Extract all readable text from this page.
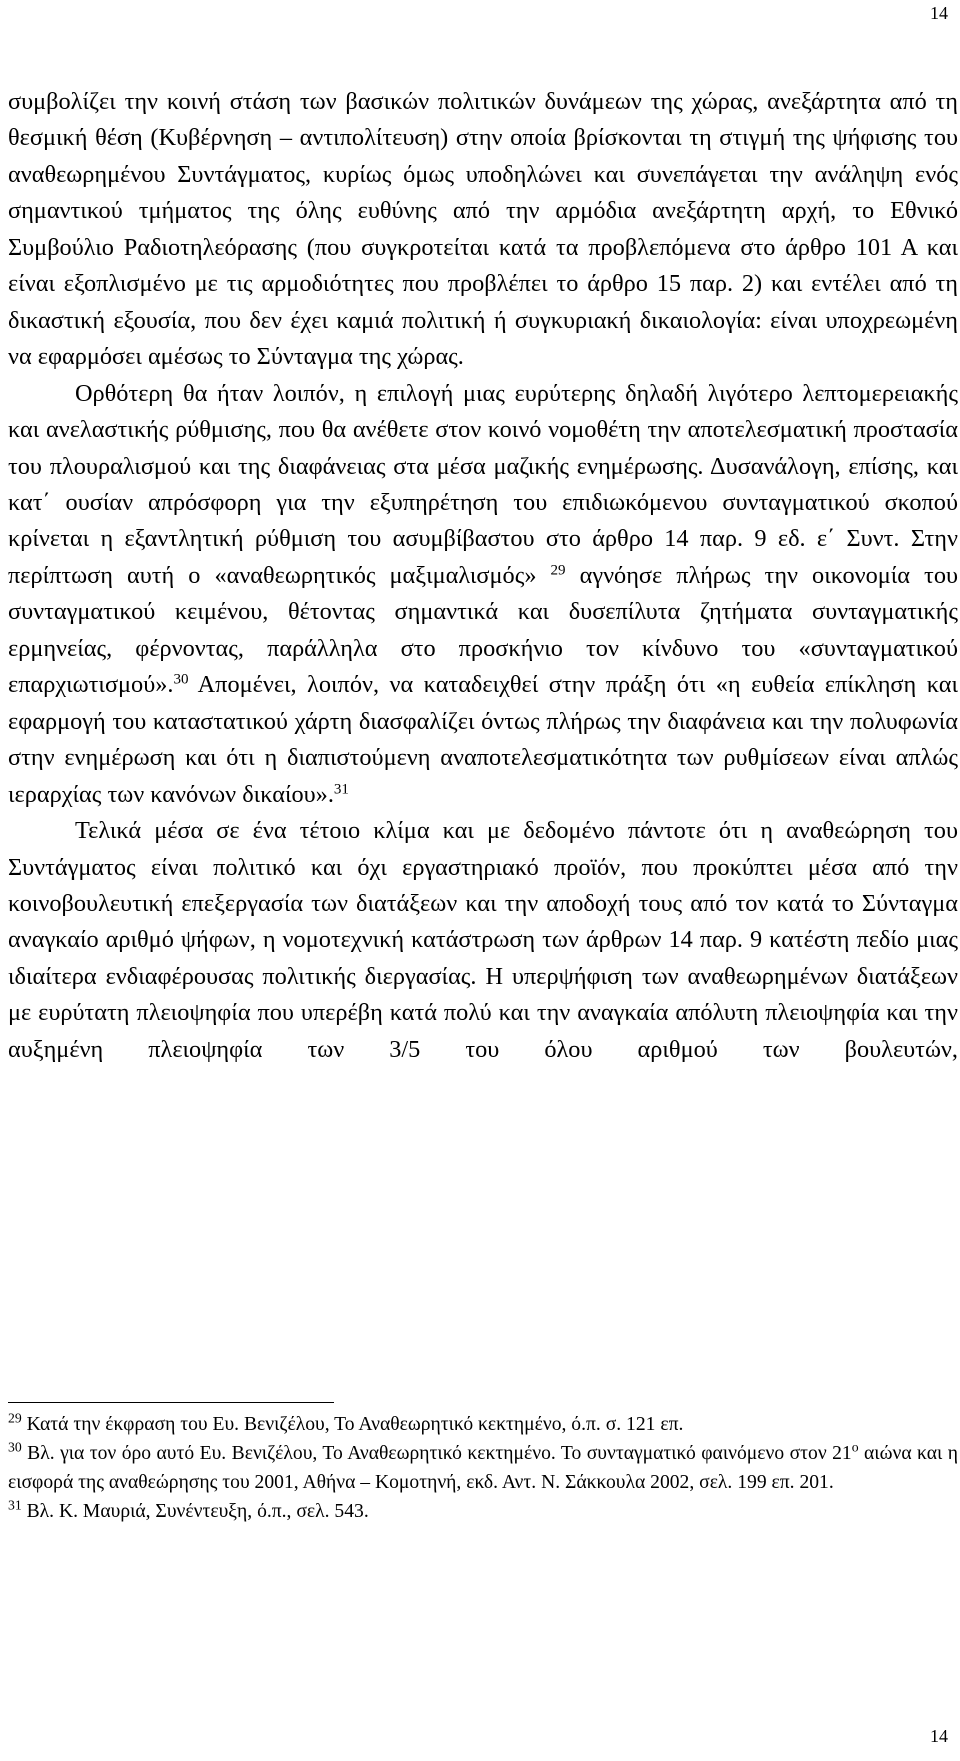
14

συμβολίζει την κοινή στάση των βασικών πολιτικών δυνάμεων της χώρας, ανεξάρτητα από τη θεσμική θέση (Κυβέρνηση – αντιπολίτευση) στην οποία βρίσκονται τη στιγμή της ψήφισης του αναθεωρημένου Συντάγματος, κυρίως όμως υποδηλώνει και συνεπάγεται την ανάληψη ενός σημαντικού τμήματος της όλης ευθύνης από την αρμόδια ανεξάρτητη αρχή, το Εθνικό Συμβούλιο Ραδιοτηλεόρασης (που συγκροτείται κατά τα προβλεπόμενα στο άρθρο 101 Α και είναι εξοπλισμένο με τις αρμοδιότητες που προβλέπει το άρθρο 15 παρ. 2) και εντέλει από τη δικαστική εξουσία, που δεν έχει καμιά πολιτική ή συγκυριακή δικαιολογία: είναι υποχρεωμένη να εφαρμόσει αμέσως το Σύνταγμα της χώρας.

Ορθότερη θα ήταν λοιπόν, η επιλογή μιας ευρύτερης δηλαδή λιγότερο λεπτομερειακής και ανελαστικής ρύθμισης, που θα ανέθετε στον κοινό νομοθέτη την αποτελεσματική προστασία του πλουραλισμού και της διαφάνειας στα μέσα μαζικής ενημέρωσης. Δυσανάλογη, επίσης, και κατ΄ ουσίαν απρόσφορη για την εξυπηρέτηση του επιδιωκόμενου συνταγματικού σκοπού κρίνεται η εξαντλητική ρύθμιση του ασυμβίβαστου στο άρθρο 14 παρ. 9 εδ. ε΄ Συντ. Στην περίπτωση αυτή ο «αναθεωρητικός μαξιμαλισμός» $^{29}$ αγνόησε πλήρως την οικονομία του συνταγματικού κειμένου, θέτοντας σημαντικά και δυσεπίλυτα ζητήματα συνταγματικής ερμηνείας, φέρνοντας, παράλληλα στο προσκήνιο τον κίνδυνο του «συνταγματικού επαρχιωτισμού».$^{30}$ Απομένει, λοιπόν, να καταδειχθεί στην πράξη ότι «η ευθεία επίκληση και εφαρμογή του καταστατικού χάρτη διασφαλίζει όντως πλήρως την διαφάνεια και την πολυφωνία στην ενημέρωση και ότι η διαπιστούμενη αναποτελεσματικότητα των ρυθμίσεων είναι απλώς ιεραρχίας των κανόνων δικαίου».$^{31}$

Τελικά μέσα σε ένα τέτοιο κλίμα και με δεδομένο πάντοτε ότι η αναθεώρηση του Συντάγματος είναι πολιτικό και όχι εργαστηριακό προϊόν, που προκύπτει μέσα από την κοινοβουλευτική επεξεργασία των διατάξεων και την αποδοχή τους από τον κατά το Σύνταγμα αναγκαίο αριθμό ψήφων, η νομοτεχνική κατάστρωση των άρθρων 14 παρ. 9 κατέστη πεδίο μιας ιδιαίτερα ενδιαφέρουσας πολιτικής διεργασίας. Η υπερψήφιση των αναθεωρημένων διατάξεων με ευρύτατη πλειοψηφία που υπερέβη κατά πολύ και την αναγκαία απόλυτη πλειοψηφία και την αυξημένη πλειοψηφία των 3/5 του όλου αριθμού των βουλευτών,

$^{29}$ Κατά την έκφραση του Ευ. Βενιζέλου, Το Αναθεωρητικό κεκτημένο, ό.π. σ. 121 επ.

$^{30}$ Βλ. για τον όρο αυτό Ευ. Βενιζέλου, Το Αναθεωρητικό κεκτημένο. Το συνταγματικό φαινόμενο στον $21^o$ αιώνα και η εισφορά της αναθεώρησης του 2001, Αθήνα – Κομοτηνή, εκδ. Αντ. Ν. Σάκκουλα 2002, σελ. 199 επ. 201.

$^{31}$ Βλ. Κ. Μαυριά, Συνέντευξη, ό.π., σελ. 543.

14
